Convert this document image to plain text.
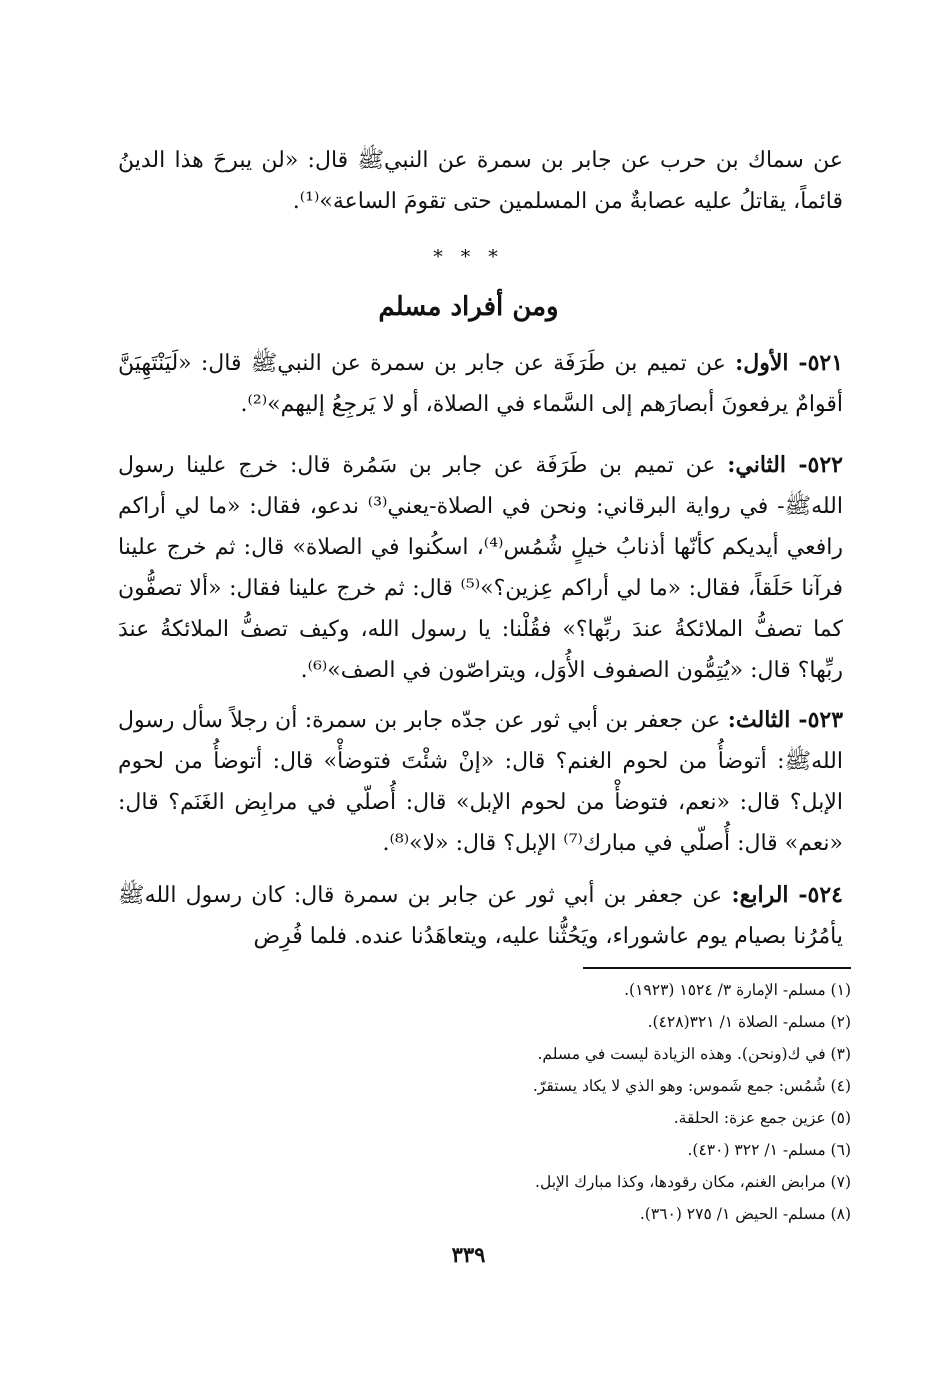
عن سماك بن حرب عن جابر بن سمرة عن النبيﷺ قال: «لن يبرحَ هذا الدينُ قائماً، يقاتلُ عليه عصابةٌ من المسلمين حتى تقومَ الساعة»⁽¹⁾.

* * *
ومن أفراد مسلم

٥٢١- الأول: عن تميم بن طَرَفَة عن جابر بن سمرة عن النبيﷺ قال: «لَيَنْتَهِيَنَّ أقوامٌ يرفعونَ أبصارَهم إلى السَّماء في الصلاة، أو لا يَرجِعُ إليهم»⁽²⁾.

٥٢٢- الثاني: عن تميم بن طَرَفَة عن جابر بن سَمُرة قال: خرج علينا رسول اللهﷺ- في رواية البرقاني: ونحن في الصلاة-يعني⁽³⁾ ندعو، فقال: «ما لي أراكم رافعي أيديكم كأنّها أذنابُ خيلٍ شُمُس⁽⁴⁾، اسكُنوا في الصلاة» قال: ثم خرج علينا فرآنا حَلَقاً، فقال: «ما لي أراكم عِزين؟»⁽⁵⁾ قال: ثم خرج علينا فقال: «ألا تصفُّون كما تصفُّ الملائكةُ عندَ ربِّها؟» فقُلْنا: يا رسول الله، وكيف تصفُّ الملائكةُ عندَ ربِّها؟ قال: «يُتِمُّون الصفوف الأُوَل، ويتراصّون في الصف»⁽⁶⁾.

٥٢٣- الثالث: عن جعفر بن أبي ثور عن جدّه جابر بن سمرة: أن رجلاً سأل رسول اللهﷺ: أتوضأُ من لحوم الغنم؟ قال: «إنْ شئْتَ فتوضأْ» قال: أتوضأُ من لحوم الإبل؟ قال: «نعم، فتوضأْ من لحوم الإبل» قال: أُصلّي في مرابِض الغَنَم؟ قال: «نعم» قال: أُصلّي في مبارك⁽⁷⁾ الإبل؟ قال: «لا»⁽⁸⁾.

٥٢٤- الرابع: عن جعفر بن أبي ثور عن جابر بن سمرة قال: كان رسول اللهﷺ يأمُرُنا بصيام يوم عاشوراء، ويَحُثُّنا عليه، ويتعاهَدُنا عنده. فلما فُرِض

(١) مسلم- الإمارة ٣/ ١٥٢٤ (١٩٢٣).
(٢) مسلم- الصلاة ١/ ٣٢١(٤٢٨).
(٣) في ك(ونحن). وهذه الزيادة ليست في مسلم.
(٤) شُمُس: جمع شَموس: وهو الذي لا يكاد يستقرّ.
(٥) عزين جمع عزة: الحلقة.
(٦) مسلم- ١/ ٣٢٢ (٤٣٠).
(٧) مرابض الغنم، مكان رقودها، وكذا مبارك الإبل.
(٨) مسلم- الحيض ١/ ٢٧٥ (٣٦٠).
٣٣٩
